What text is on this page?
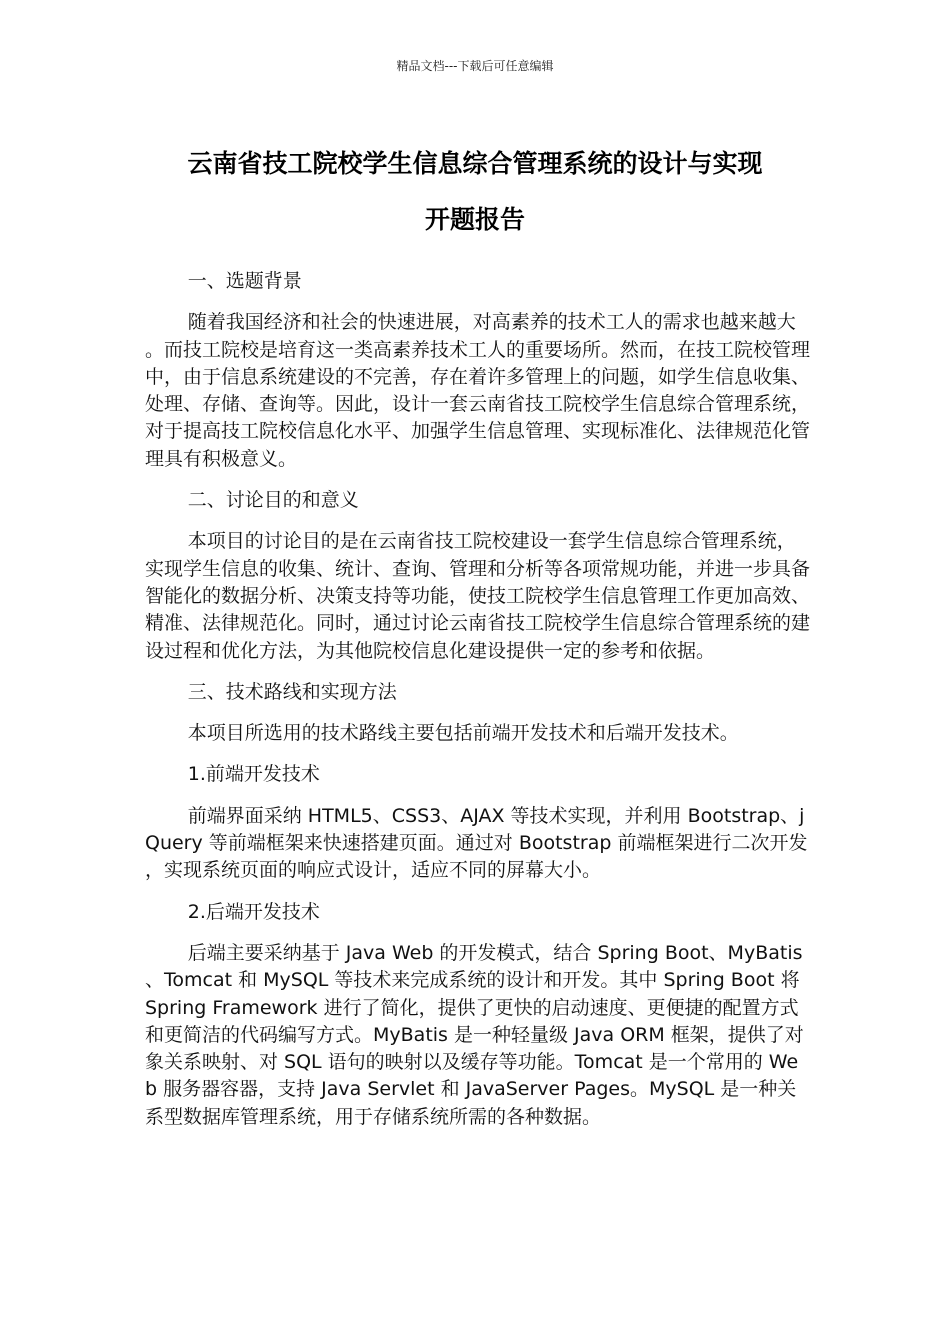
精品文档---下载后可任意编辑
云南省技工院校学生信息综合管理系统的设计与实现
开题报告
一、选题背景

随着我国经济和社会的快速进展，对高素养的技术工人的需求也越来越大。而技工院校是培育这一类高素养技术工人的重要场所。然而，在技工院校管理中，由于信息系统建设的不完善，存在着许多管理上的问题，如学生信息收集、处理、存储、查询等。因此，设计一套云南省技工院校学生信息综合管理系统，对于提高技工院校信息化水平、加强学生信息管理、实现标准化、法律规范化管理具有积极意义。

二、讨论目的和意义

本项目的讨论目的是在云南省技工院校建设一套学生信息综合管理系统，实现学生信息的收集、统计、查询、管理和分析等各项常规功能，并进一步具备智能化的数据分析、决策支持等功能，使技工院校学生信息管理工作更加高效、精准、法律规范化。同时，通过讨论云南省技工院校学生信息综合管理系统的建设过程和优化方法，为其他院校信息化建设提供一定的参考和依据。

三、技术路线和实现方法

本项目所选用的技术路线主要包括前端开发技术和后端开发技术。

1.前端开发技术

前端界面采纳 HTML5、CSS3、AJAX 等技术实现，并利用 Bootstrap、jQuery 等前端框架来快速搭建页面。通过对 Bootstrap 前端框架进行二次开发，实现系统页面的响应式设计，适应不同的屏幕大小。

2.后端开发技术

后端主要采纳基于 Java Web 的开发模式，结合 Spring Boot、MyBatis、Tomcat 和 MySQL 等技术来完成系统的设计和开发。其中 Spring Boot 将 Spring Framework 进行了简化，提供了更快的启动速度、更便捷的配置方式和更简洁的代码编写方式。MyBatis 是一种轻量级 Java ORM 框架，提供了对象关系映射、对 SQL 语句的映射以及缓存等功能。Tomcat 是一个常用的 Web 服务器容器，支持 Java Servlet 和 JavaServer Pages。MySQL 是一种关系型数据库管理系统，用于存储系统所需的各种数据。
